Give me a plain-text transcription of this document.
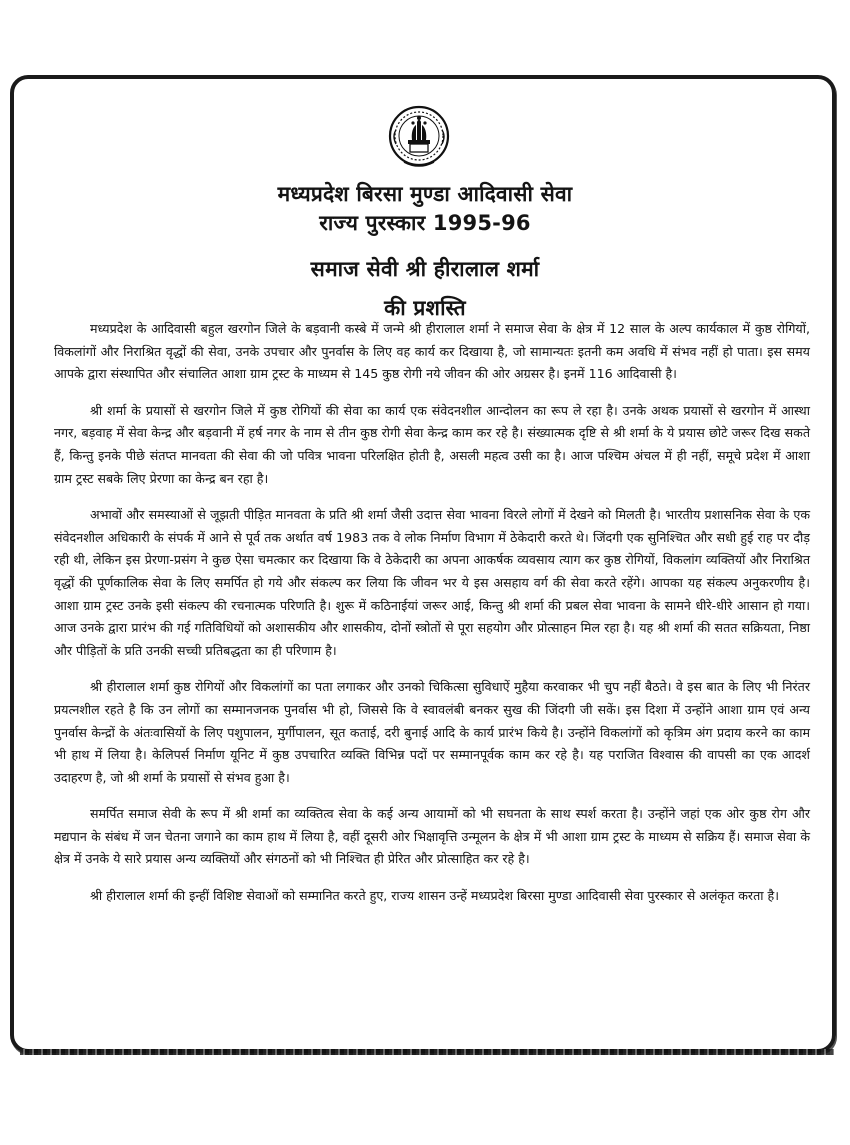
मध्यप्रदेश बिरसा मुण्डा आदिवासी सेवा

राज्य पुरस्कार 1995-96

समाज सेवी श्री हीरालाल शर्मा

की प्रशस्ति

मध्यप्रदेश के आदिवासी बहुल खरगोन जिले के बड़वानी कस्बे में जन्मे श्री हीरालाल शर्मा ने समाज सेवा के क्षेत्र में 12 साल के अल्प कार्यकाल में कुष्ठ रोगियों, विकलांगों और निराश्रित वृद्धों की सेवा, उनके उपचार और पुनर्वास के लिए वह कार्य कर दिखाया है, जो सामान्यतः इतनी कम अवधि में संभव नहीं हो पाता। इस समय आपके द्वारा संस्थापित और संचालित आशा ग्राम ट्रस्ट के माध्यम से 145 कुष्ठ रोगी नये जीवन की ओर अग्रसर है। इनमें 116 आदिवासी है।

श्री शर्मा के प्रयासों से खरगोन जिले में कुष्ठ रोगियों की सेवा का कार्य एक संवेदनशील आन्दोलन का रूप ले रहा है। उनके अथक प्रयासों से खरगोन में आस्था नगर, बड़वाह में सेवा केन्द्र और बड़वानी में हर्ष नगर के नाम से तीन कुष्ठ रोगी सेवा केन्द्र काम कर रहे है। संख्यात्मक दृष्टि से श्री शर्मा के ये प्रयास छोटे जरूर दिख सकते हैं, किन्तु इनके पीछे संतप्त मानवता की सेवा की जो पवित्र भावना परिलक्षित होती है, असली महत्व उसी का है। आज पश्चिम अंचल में ही नहीं, समूचे प्रदेश में आशा ग्राम ट्रस्ट सबके लिए प्रेरणा का केन्द्र बन रहा है।

अभावों और समस्याओं से जूझती पीड़ित मानवता के प्रति श्री शर्मा जैसी उदात्त सेवा भावना विरले लोगों में देखने को मिलती है। भारतीय प्रशासनिक सेवा के एक संवेदनशील अधिकारी के संपर्क में आने से पूर्व तक अर्थात वर्ष 1983 तक वे लोक निर्माण विभाग में ठेकेदारी करते थे। जिंदगी एक सुनिश्चित और सधी हुई राह पर दौड़ रही थी, लेकिन इस प्रेरणा-प्रसंग ने कुछ ऐसा चमत्कार कर दिखाया कि वे ठेकेदारी का अपना आकर्षक व्यवसाय त्याग कर कुष्ठ रोगियों, विकलांग व्यक्तियों और निराश्रित वृद्धों की पूर्णकालिक सेवा के लिए समर्पित हो गये और संकल्प कर लिया कि जीवन भर ये इस असहाय वर्ग की सेवा करते रहेंगे। आपका यह संकल्प अनुकरणीय है। आशा ग्राम ट्रस्ट उनके इसी संकल्प की रचनात्मक परिणति है। शुरू में कठिनाईयां जरूर आई, किन्तु श्री शर्मा की प्रबल सेवा भावना के सामने धीरे-धीरे आसान हो गया। आज उनके द्वारा प्रारंभ की गई गतिविधियों को अशासकीय और शासकीय, दोनों स्त्रोतों से पूरा सहयोग और प्रोत्साहन मिल रहा है। यह श्री शर्मा की सतत सक्रियता, निष्ठा और पीड़ितों के प्रति उनकी सच्ची प्रतिबद्धता का ही परिणाम है।

श्री हीरालाल शर्मा कुष्ठ रोगियों और विकलांगों का पता लगाकर और उनको चिकित्सा सुविधाऐं मुहैया करवाकर भी चुप नहीं बैठते। वे इस बात के लिए भी निरंतर प्रयत्नशील रहते है कि उन लोगों का सम्मानजनक पुनर्वास भी हो, जिससे कि वे स्वावलंबी बनकर सुख की जिंदगी जी सकें। इस दिशा में उन्होंने आशा ग्राम एवं अन्य पुनर्वास केन्द्रों के अंतःवासियों के लिए पशुपालन, मुर्गीपालन, सूत कताई, दरी बुनाई आदि के कार्य प्रारंभ किये है। उन्होंने विकलांगों को कृत्रिम अंग प्रदाय करने का काम भी हाथ में लिया है। केलिपर्स निर्माण यूनिट में कुष्ठ उपचारित व्यक्ति विभिन्न पदों पर सम्मानपूर्वक काम कर रहे है। यह पराजित विश्वास की वापसी का एक आदर्श उदाहरण है, जो श्री शर्मा के प्रयासों से संभव हुआ है।

समर्पित समाज सेवी के रूप में श्री शर्मा का व्यक्तित्व सेवा के कई अन्य आयामों को भी सघनता के साथ स्पर्श करता है। उन्होंने जहां एक ओर कुष्ठ रोग और मद्यपान के संबंध में जन चेतना जगाने का काम हाथ में लिया है, वहीं दूसरी ओर भिक्षावृत्ति उन्मूलन के क्षेत्र में भी आशा ग्राम ट्रस्ट के माध्यम से सक्रिय हैं। समाज सेवा के क्षेत्र में उनके ये सारे प्रयास अन्य व्यक्तियों और संगठनों को भी निश्चित ही प्रेरित और प्रोत्साहित कर रहे है।

श्री हीरालाल शर्मा की इन्हीं विशिष्ट सेवाओं को सम्मानित करते हुए, राज्य शासन उन्हें मध्यप्रदेश बिरसा मुण्डा आदिवासी सेवा पुरस्कार से अलंकृत करता है।
